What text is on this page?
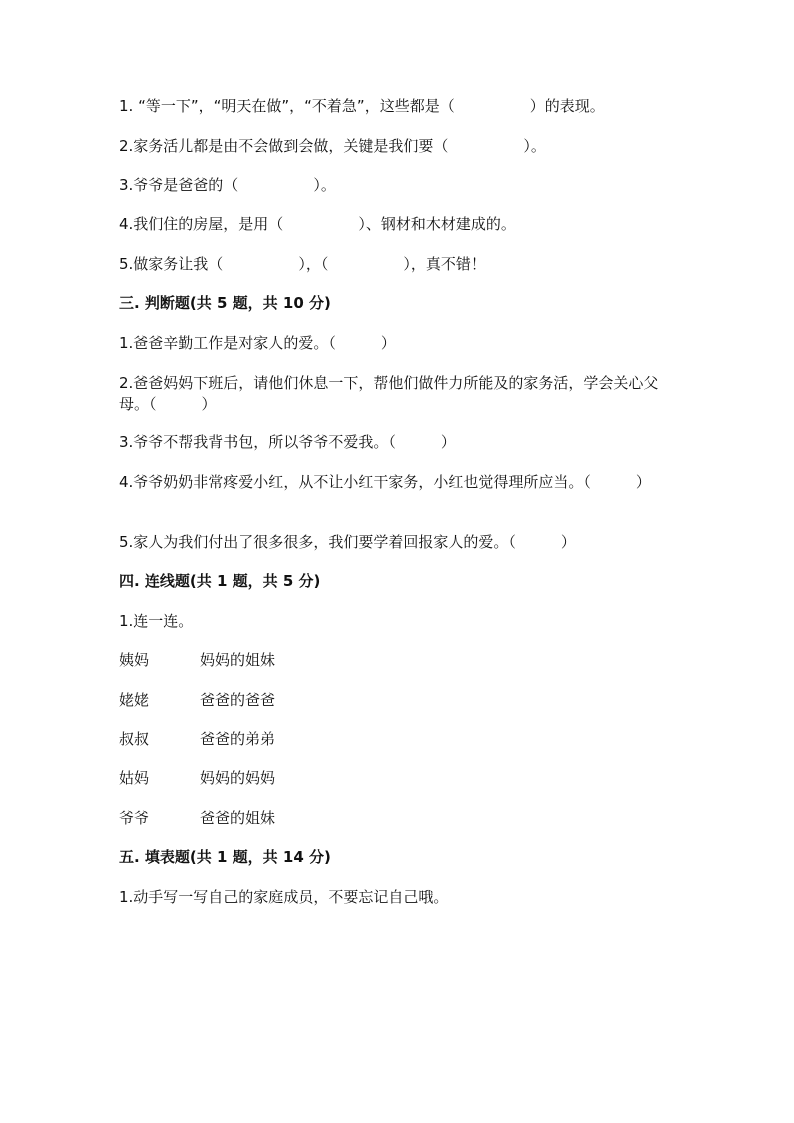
1. “等一下”，“明天在做”，“不着急”，这些都是（　　　　　）的表现。
2.家务活儿都是由不会做到会做，关键是我们要（　　　　　）。
3.爷爷是爸爸的（　　　　　）。
4.我们住的房屋，是用（　　　　　）、钢材和木材建成的。
5.做家务让我（　　　　　），（　　　　　），真不错！
三. 判断题(共 5 题，共 10 分)
1.爸爸辛勤工作是对家人的爱。（　　　）
2.爸爸妈妈下班后，请他们休息一下，帮他们做件力所能及的家务活，学会关心父母。（　　　）
3.爷爷不帮我背书包，所以爷爷不爱我。（　　　）
4.爷爷奶奶非常疼爱小红，从不让小红干家务，小红也觉得理所应当。（　　　）
5.家人为我们付出了很多很多，我们要学着回报家人的爱。（　　　）
四. 连线题(共 1 题，共 5 分)
1.连一连。
姨妈	妈妈的姐妹
姥姥	爸爸的爸爸
叔叔	爸爸的弟弟
姑妈	妈妈的妈妈
爷爷	爸爸的姐妹
五. 填表题(共 1 题，共 14 分)
1.动手写一写自己的家庭成员，不要忘记自己哦。
